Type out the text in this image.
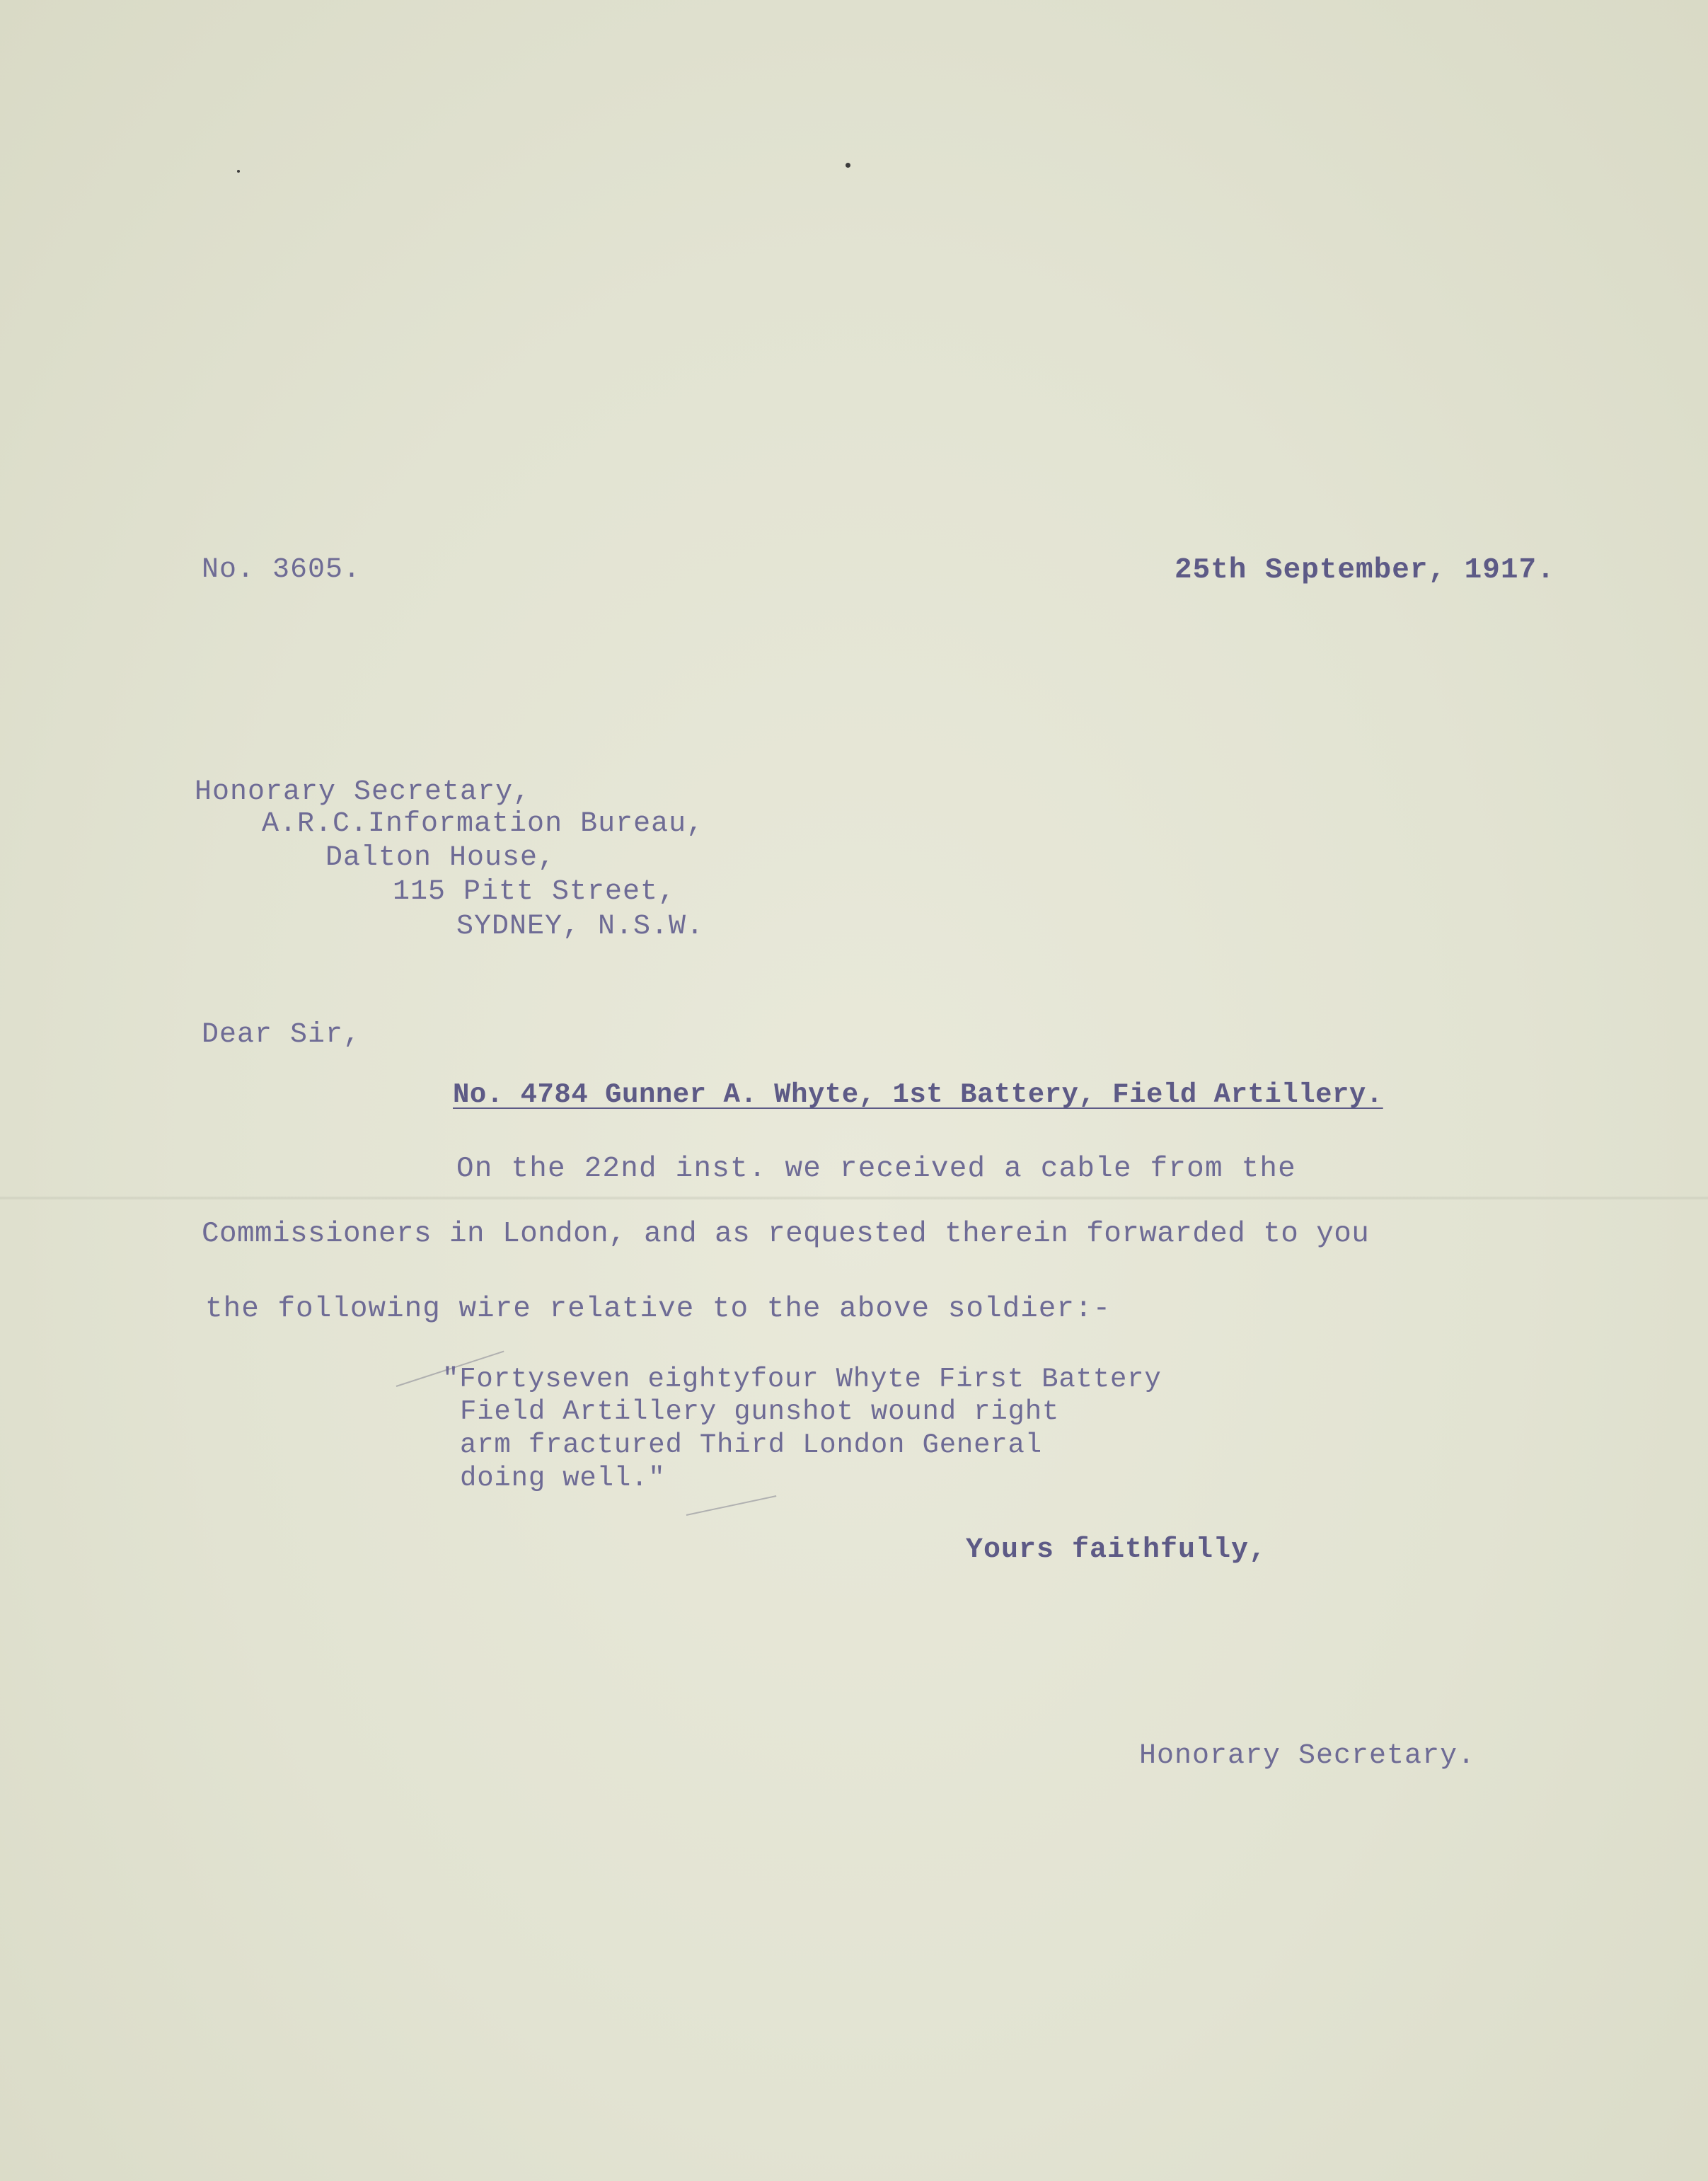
No. 3605.	25th September, 1917.
Honorary Secretary,
A.R.C.Information Bureau,
Dalton House,
115 Pitt Street,
SYDNEY, N.S.W.
Dear Sir,
No. 4784 Gunner A. Whyte, 1st Battery, Field Artillery.
On the 22nd inst. we received a cable from the
Commissioners in London, and as requested therein forwarded to you
the following wire relative to the above soldier:-
"Fortyseven eightyfour Whyte First Battery
Field Artillery gunshot wound right
arm fractured Third London General
doing well."
Yours faithfully,
Honorary Secretary.
